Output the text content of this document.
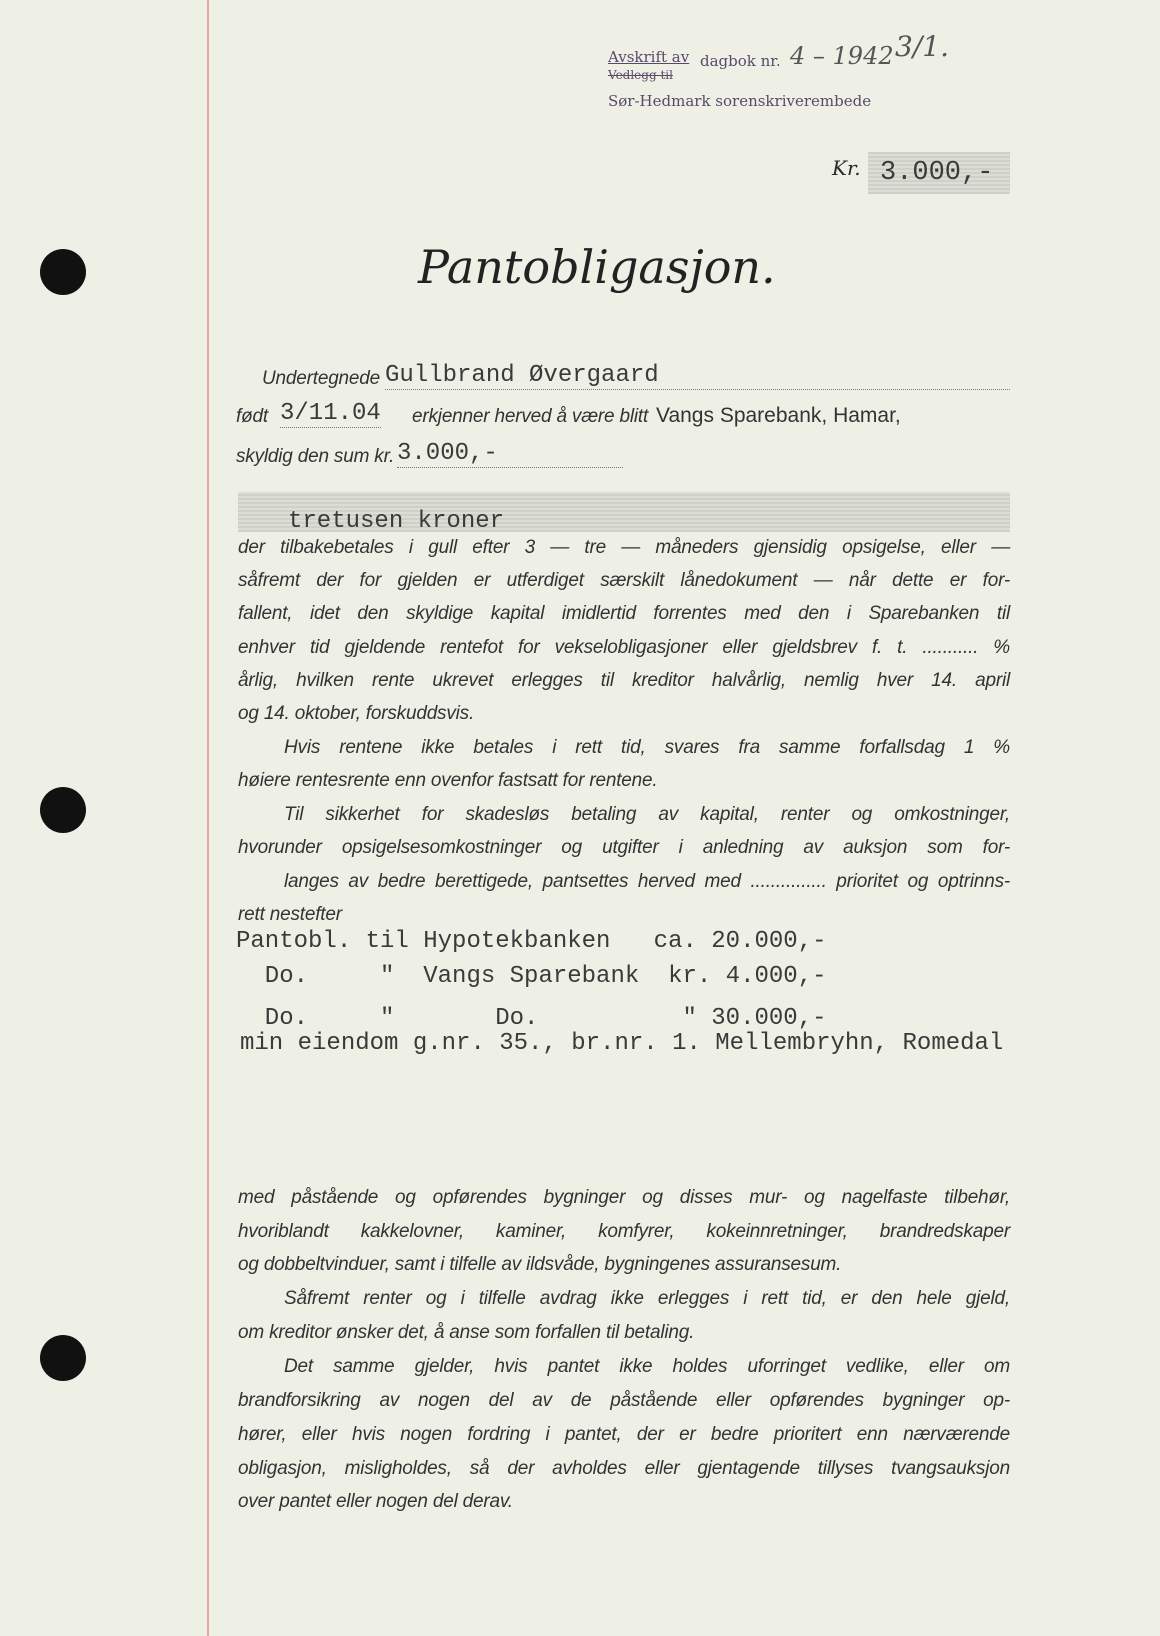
Avskrift av
Vedlegg til
dagbok nr. 4 – 1942 3/1.
Sør-Hedmark sorenskriverembede
Kr. 3.000,-
Pantobligasjon.
Undertegnede Gullbrand Øvergaard
født 3/11.04 erkjenner herved å være blitt Vangs Sparebank, Hamar,
skyldig den sum kr. 3.000,-
tretusen kroner
der tilbakebetales i gull efter 3 — tre — måneders gjensidig opsigelse, eller —
såfremt der for gjelden er utferdiget særskilt lånedokument — når dette er for-
fallent, idet den skyldige kapital imidlertid forrentes med den i Sparebanken til
enhver tid gjeldende rentefot for vekselobligasjoner eller gjeldsbrev f. t. ........... %
årlig, hvilken rente ukrevet erlegges til kreditor halvårlig, nemlig hver 14. april
og 14. oktober, forskuddsvis.
Hvis rentene ikke betales i rett tid, svares fra samme forfallsdag 1 %
høiere rentesrente enn ovenfor fastsatt for rentene.
Til sikkerhet for skadesløs betaling av kapital, renter og omkostninger,
hvorunder opsigelsesomkostninger og utgifter i anledning av auksjon som for-
langes av bedre berettigede, pantsettes herved med ............... prioritet og optrinns-
rett nestefter
Pantobl. til Hypotekbanken   ca. 20.000,-
Do.     "  Vangs Sparebank  kr. 4.000,-
Do.     "       Do.          " 30.000,-
min eiendom g.nr. 35., br.nr. 1. Mellembryhn, Romedal
med påstående og opførendes bygninger og disses mur- og nagelfaste tilbehør,
hvoriblandt kakkelovner, kaminer, komfyrer, kokeinnretninger, brandredskaper
og dobbeltvinduer, samt i tilfelle av ildsvåde, bygningenes assuransesum.
Såfremt renter og i tilfelle avdrag ikke erlegges i rett tid, er den hele gjeld,
om kreditor ønsker det, å anse som forfallen til betaling.
Det samme gjelder, hvis pantet ikke holdes uforringet vedlike, eller om
brandforsikring av nogen del av de påstående eller opførendes bygninger op-
hører, eller hvis nogen fordring i pantet, der er bedre prioritert enn nærværende
obligasjon, misligholdes, så der avholdes eller gjentagende tillyses tvangsauksjon
over pantet eller nogen del derav.
